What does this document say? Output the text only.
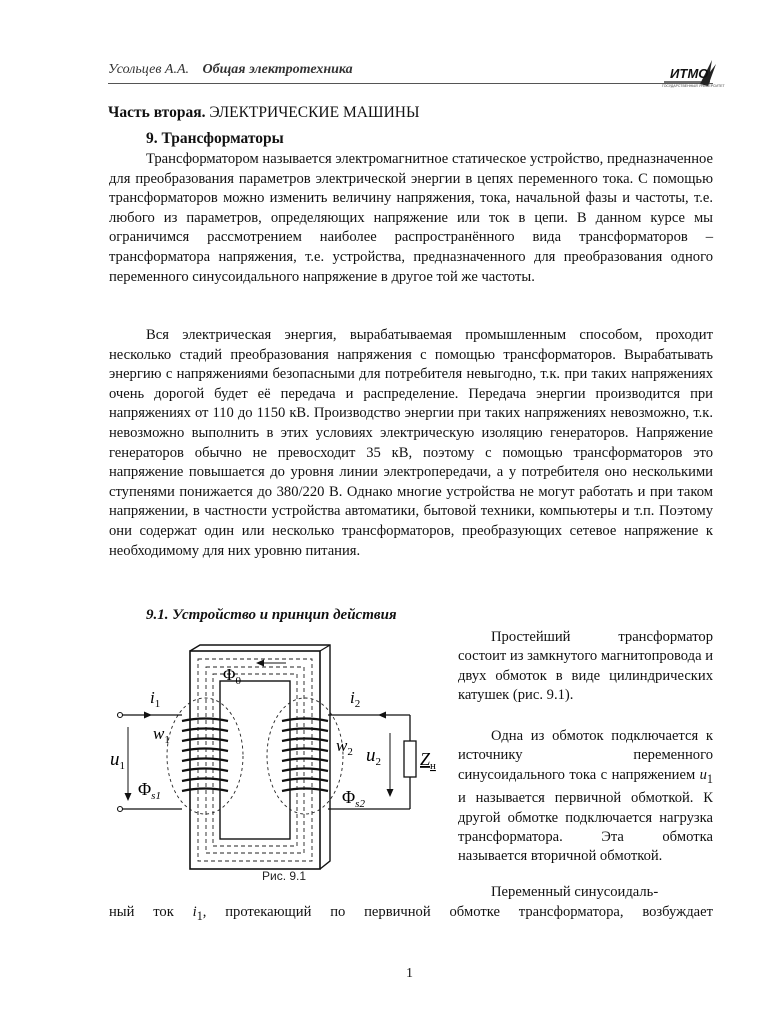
Усольцев А.А. Общая электротехника	ИТМО
ГОСУДАРСТВЕННЫЙ УНИВЕРСИТЕТ
Часть вторая. ЭЛЕКТРИЧЕСКИЕ МАШИНЫ
9. Трансформаторы

Трансформатором называется электромагнитное статическое устройство, предназначенное для преобразования параметров электрической энергии в цепях переменного тока. С помощью трансформаторов можно изменить величину напряжения, тока, начальной фазы и частоты, т.е. любого из параметров, определяющих напряжение или ток в цепи. В данном курсе мы ограничимся рассмотрением наиболее распространённого вида трансформаторов – трансформатора напряжения, т.е. устройства, предназначенного для преобразования одного переменного синусоидального напряжение в другое той же частоты.

Вся электрическая энергия, вырабатываемая промышленным способом, проходит несколько стадий преобразования напряжения с помощью трансформаторов. Вырабатывать энергию с напряжениями безопасными для потребителя невыгодно, т.к. при таких напряжениях очень дорогой будет её передача и распределение. Передача энергии производится при напряжениях от 110 до 1150 кВ. Производство энергии при таких напряжениях невозможно, т.к. невозможно выполнить в этих условиях электрическую изоляцию генераторов. Напряжение генераторов обычно не превосходит 35 кВ, поэтому с помощью трансформаторов это напряжение повышается до уровня линии электропередачи, а у потребителя оно несколькими ступенями понижается до 380/220 В. Однако многие устройства не могут работать и при таком напряжении, в частности устройства автоматики, бытовой техники, компьютеры и т.п. Поэтому они содержат один или несколько трансформаторов, преобразующих сетевое напряжение к необходимому для них уровню питания.

9.1. Устройство и принцип действия
$\Phi_0$
$i_1$
$w_1$
$u_1$
$\Phi_{s1}$
$i_2$
$w_2$ $u_2$
$\Phi_{s2}$
$Z_н$
Рис. 9.1

Простейший трансформатор состоит из замкнутого магнитопровода и двух обмоток в виде цилиндрических катушек (рис. 9.1).

Одна из обмоток подключается к источнику переменного синусоидального тока с напряжением $u_1$ и называется первичной обмоткой. К другой обмотке подключается нагрузка трансформатора. Эта обмотка называется вторичной обмоткой.

Переменный синусоидаль-

ный ток $i_1$, протекающий по первичной обмотке трансформатора, возбуждает

1
